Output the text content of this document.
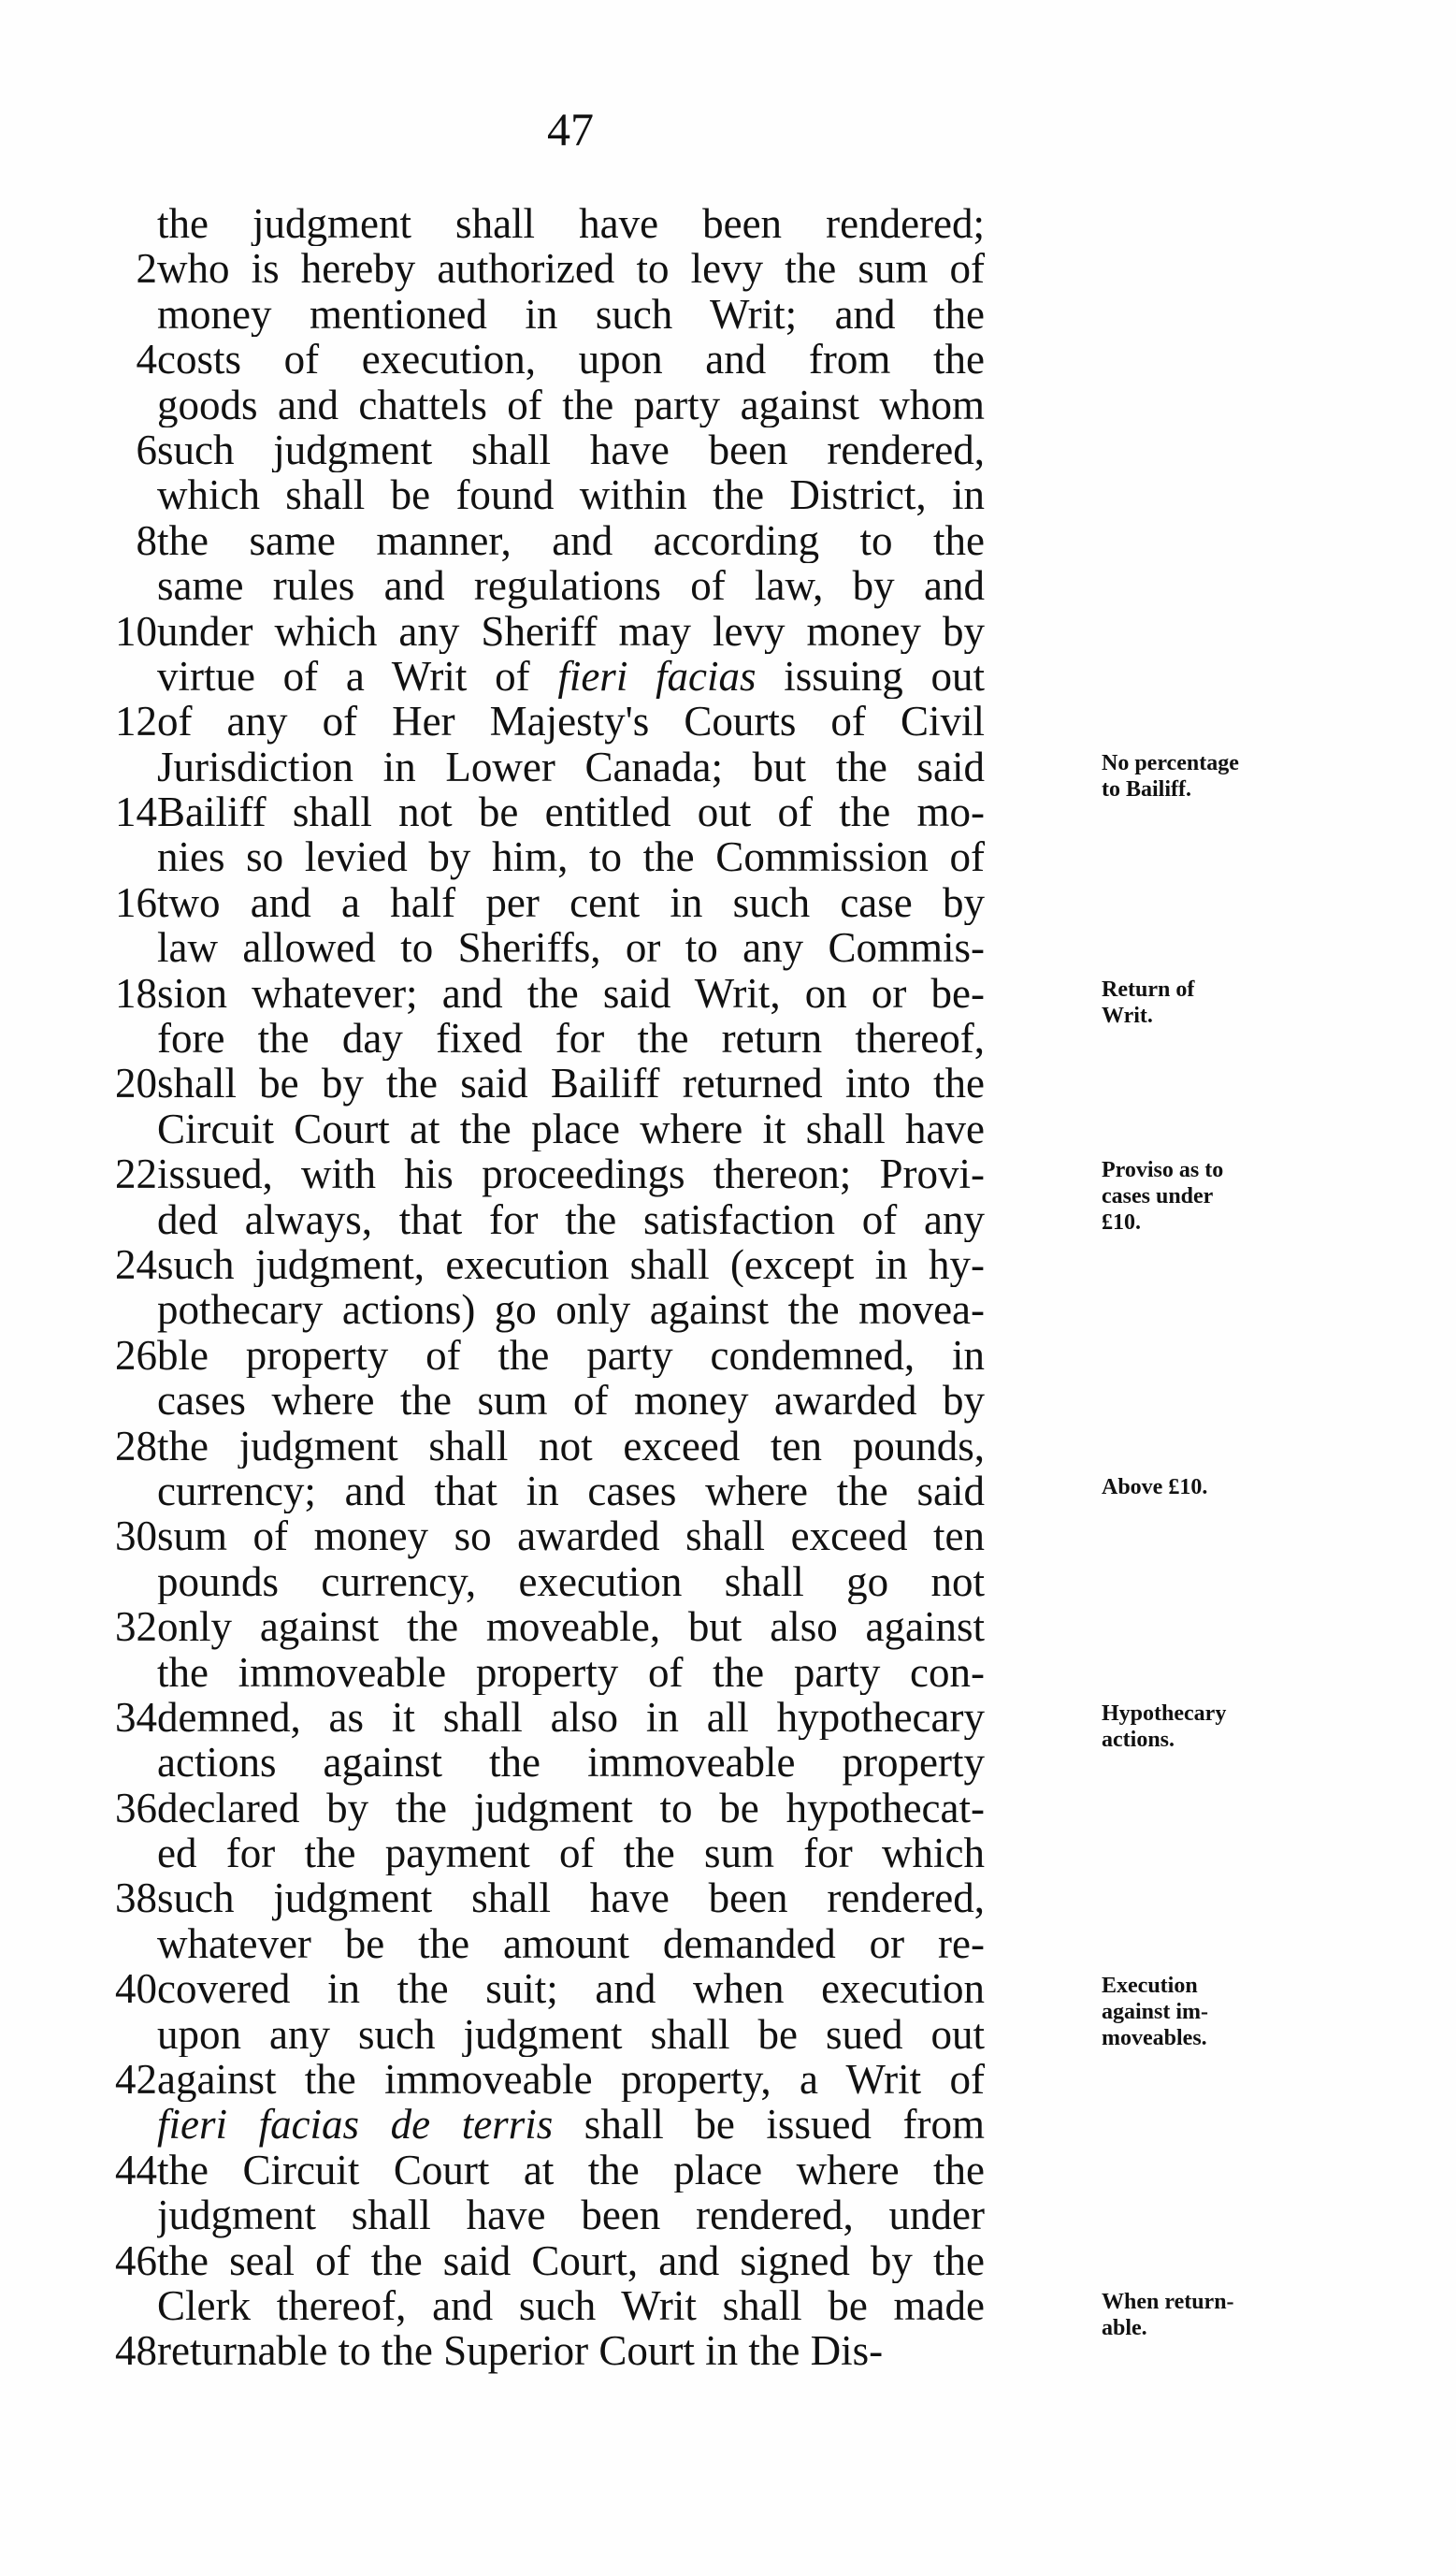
47
the judgment shall have been rendered;
2 who is hereby authorized to levy the sum of
money mentioned in such Writ; and the
4 costs of execution, upon and from the
goods and chattels of the party against whom
6 such judgment shall have been rendered,
which shall be found within the District, in
8 the same manner, and according to the
same rules and regulations of law, by and
10 under which any Sheriff may levy money by
virtue of a Writ of fieri facias issuing out
12 of any of Her Majesty's Courts of Civil
Jurisdiction in Lower Canada; but the said
14 Bailiff shall not be entitled out of the mo-
nies so levied by him, to the Commission of
16 two and a half per cent in such case by
law allowed to Sheriffs, or to any Commis-
18 sion whatever; and the said Writ, on or be-
fore the day fixed for the return thereof,
20 shall be by the said Bailiff returned into the
Circuit Court at the place where it shall have
22 issued, with his proceedings thereon; Provi-
ded always, that for the satisfaction of any
24 such judgment, execution shall (except in hy-
pothecary actions) go only against the movea-
26 ble property of the party condemned, in
cases where the sum of money awarded by
28 the judgment shall not exceed ten pounds,
currency; and that in cases where the said
30 sum of money so awarded shall exceed ten
pounds currency, execution shall go not
32 only against the moveable, but also against
the immoveable property of the party con-
34 demned, as it shall also in all hypothecary
actions against the immoveable property
36 declared by the judgment to be hypothecat-
ed for the payment of the sum for which
38 such judgment shall have been rendered,
whatever be the amount demanded or re-
40 covered in the suit; and when execution
upon any such judgment shall be sued out
42 against the immoveable property, a Writ of
fieri facias de terris shall be issued from
44 the Circuit Court at the place where the
judgment shall have been rendered, under
46 the seal of the said Court, and signed by the
Clerk thereof, and such Writ shall be made
48 returnable to the Superior Court in the Dis-
No percentage
to Bailiff.
Return of
Writ.
Proviso as to
cases under
£10.
Above £10.
Hypothecary
actions.
Execution
against im-
moveables.
When return-
able.
